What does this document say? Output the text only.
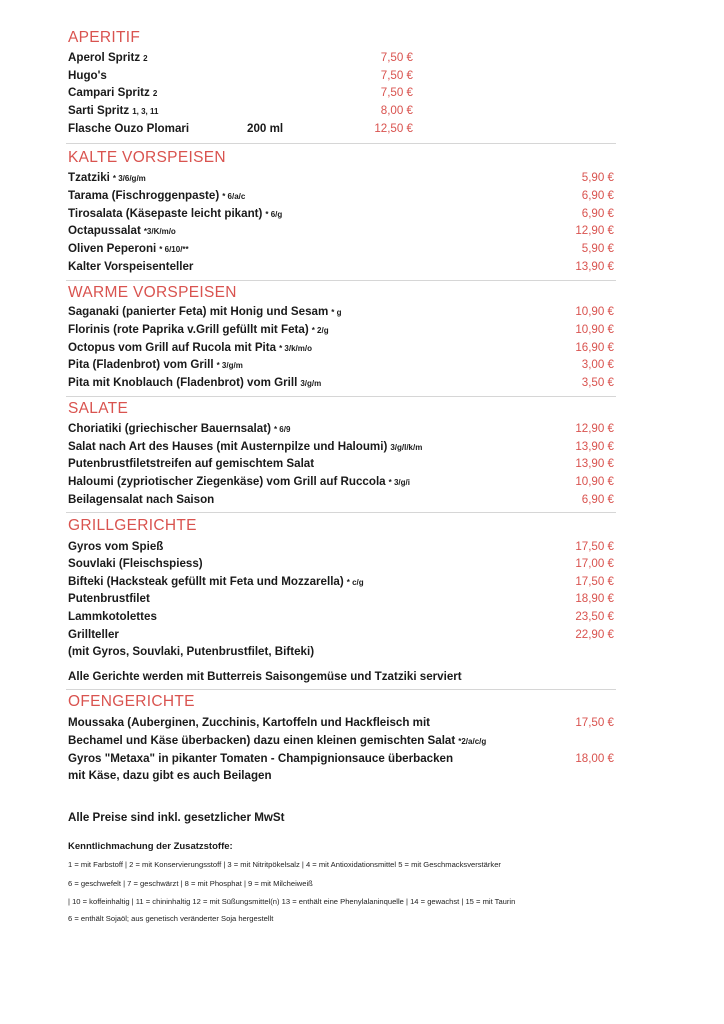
APERITIF
Aperol Spritz 2	7,50 €
Hugo's	7,50 €
Campari Spritz 2	7,50 €
Sarti Spritz 1, 3, 11	8,00 €
Flasche Ouzo Plomari	200 ml	12,50 €
KALTE VORSPEISEN
Tzatziki * 3/6/g/m	5,90 €
Tarama (Fischroggenpaste) * 6/a/c	6,90 €
Tirosalata (Käsepaste leicht pikant) * 6/g	6,90 €
Octapussalat *3/K/m/o	12,90 €
Oliven Peperoni * 6/10/**	5,90 €
Kalter Vorspeisenteller	13,90 €
WARME VORSPEISEN
Saganaki (panierter Feta) mit Honig und Sesam * g	10,90 €
Florinis (rote Paprika v.Grill gefüllt mit Feta) * 2/g	10,90 €
Octopus vom Grill auf Rucola mit Pita * 3/k/m/o	16,90 €
Pita (Fladenbrot) vom Grill * 3/g/m	3,00 €
Pita mit Knoblauch (Fladenbrot) vom Grill 3/g/m	3,50 €
SALATE
Choriatiki (griechischer Bauernsalat) * 6/9	12,90 €
Salat nach Art des Hauses (mit Austernpilze und Haloumi) 3/g/l/k/m	13,90 €
Putenbrustfiletstreifen auf gemischtem Salat	13,90 €
Haloumi (zypriotischer Ziegenkäse) vom Grill auf Ruccola * 3/g/i	10,90 €
Beilagensalat nach Saison	6,90 €
GRILLGERICHTE
Gyros vom Spieß	17,50 €
Souvlaki (Fleischspiess)	17,00 €
Bifteki (Hacksteak gefüllt mit Feta und Mozzarella) * c/g	17,50 €
Putenbrustfilet	18,90 €
Lammkotolettes	23,50 €
Grillteller	22,90 €
(mit Gyros, Souvlaki, Putenbrustfilet, Bifteki)
Alle Gerichte werden mit Butterreis Saisongemüse und Tzatziki serviert
OFENGERICHTE
Moussaka (Auberginen, Zucchinis, Kartoffeln und Hackfleisch mit	17,50 €
Bechamel und Käse überbacken) dazu einen kleinen gemischten Salat *2/a/c/g
Gyros "Metaxa" in pikanter Tomaten - Champignionsauce überbacken	18,00 €
mit Käse, dazu gibt es auch Beilagen
Alle Preise sind inkl. gesetzlicher MwSt
Kenntlichmachung der Zusatzstoffe:
1 = mit Farbstoff | 2 = mit Konservierungsstoff | 3 = mit Nitritpökelsalz | 4 = mit Antioxidationsmittel 5 = mit Geschmacksverstärker
6 = geschwefelt | 7 = geschwärzt | 8 = mit Phosphat | 9 = mit Milcheiweiß
| 10 = koffeinhaltig | 11 = chininhaltig 12 = mit Süßungsmittel(n) 13 = enthält eine Phenylalaninquelle | 14 = gewachst | 15 = mit Taurin
6 = enthält Sojaöl; aus genetisch veränderter Soja hergestellt
